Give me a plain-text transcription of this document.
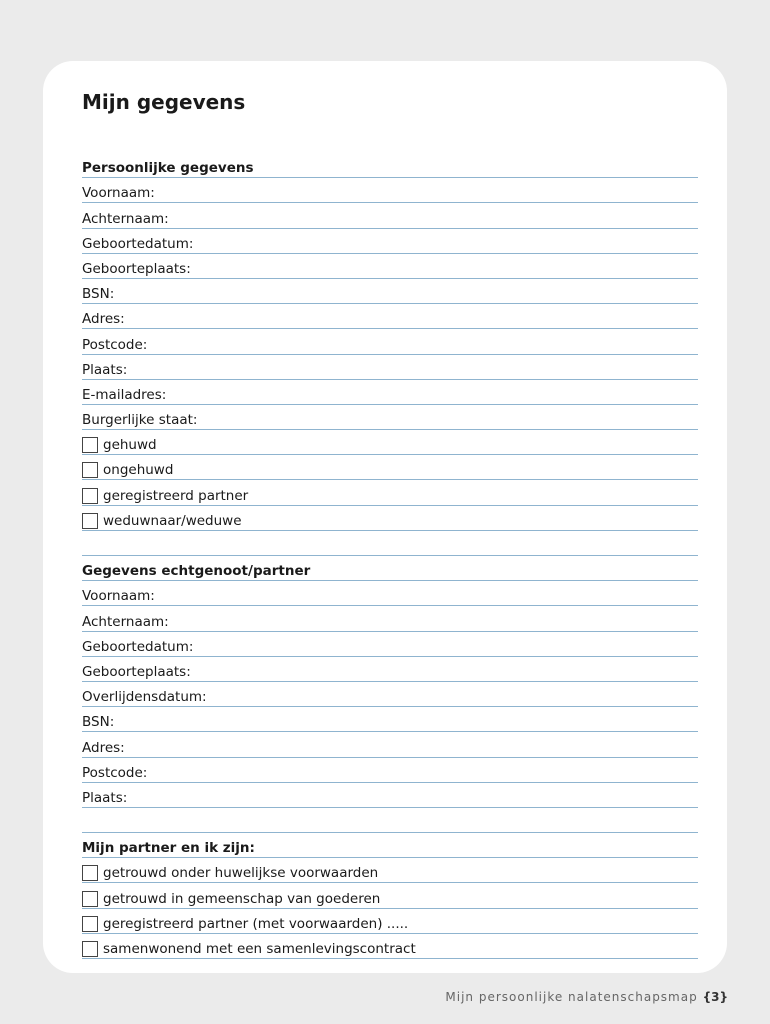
Mijn gegevens
Persoonlijke gegevens
Voornaam:
Achternaam:
Geboortedatum:
Geboorteplaats:
BSN:
Adres:
Postcode:
Plaats:
E-mailadres:
Burgerlijke staat:
gehuwd
ongehuwd
geregistreerd partner
weduwnaar/weduwe
Gegevens echtgenoot/partner
Voornaam:
Achternaam:
Geboortedatum:
Geboorteplaats:
Overlijdensdatum:
BSN:
Adres:
Postcode:
Plaats:
Mijn partner en ik zijn:
getrouwd onder huwelijkse voorwaarden
getrouwd in gemeenschap van goederen
geregistreerd partner (met voorwaarden) .....
samenwonend met een samenlevingscontract
Mijn persoonlijke nalatenschapsmap {3}
